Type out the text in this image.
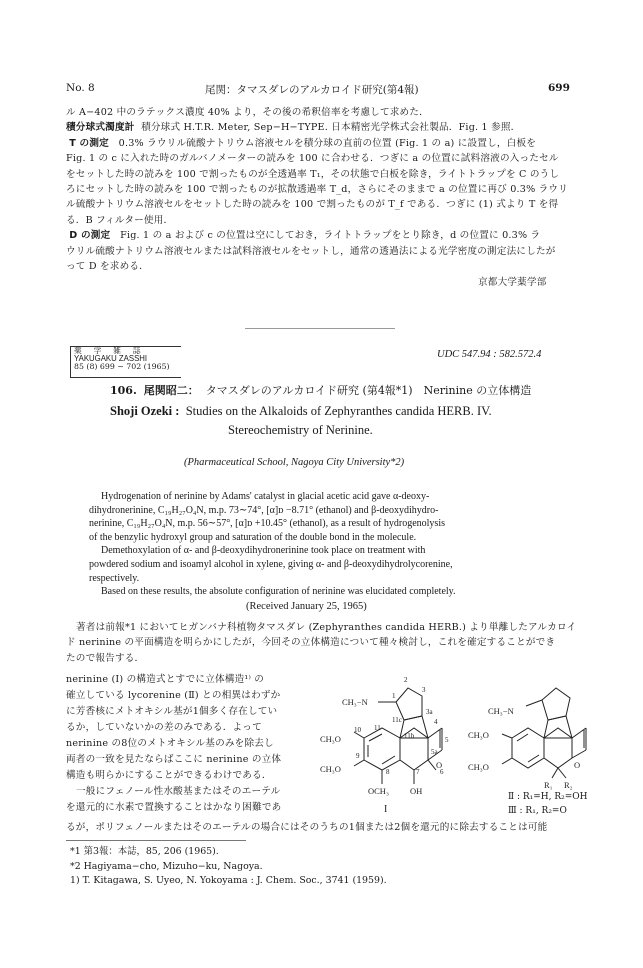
No. 8	尾関：タマスダレのアルカロイド研究(第4報)	699
ル A−402 中のラテックス濃度 40% より，その後の希釈倍率を考慮して求めた．
積分球式濁度計 積分球式 H.T.R. Meter, Sep−H−TYPE. 日本精密光学株式会社製品．Fig. 1 参照．
T の測定 0.3% ラウリル硫酸ナトリウム溶液セルを積分球の直前の位置 (Fig. 1 の a) に設置し，白板を
Fig. 1 の c に入れた時のガルバノメーターの読みを 100 に合わせる．つぎに a の位置に試料溶液の入ったセル
をセットした時の読みを 100 で割ったものが全透過率 T₁，その状態で白板を除き，ライトトラップを C のうし
ろにセットした時の読みを 100 で割ったものが拡散透過率 T_d，さらにそのままで a の位置に再び 0.3% ラウリ
ル硫酸ナトリウム溶液セルをセットした時の読みを 100 で割ったものが T_f である．つぎに (1) 式より T を得
る．B フィルター使用．
D の測定 Fig. 1 の a および c の位置は空にしておき，ライトトラップをとり除き，d の位置に 0.3% ラ
ウリル硫酸ナトリウム溶液セルまたは試料溶液セルをセットし，通常の透過法による光学密度の測定法にしたが
って D を求める．
京都大学薬学部
薬　学　雑　誌
YAKUGAKU ZASSHI
85 (8) 699 ∼ 702 (1965)
UDC 547.94 : 582.572.4
106. 尾関昭二： タマスダレのアルカロイド研究 (第4報*1)　Nerinine の立体構造
Shoji Ozeki : Studies on the Alkaloids of Zephyranthes candida HERB. IV.
Stereochemistry of Nerinine.
(Pharmaceutical School, Nagoya City University*2)
Hydrogenation of nerinine by Adams' catalyst in glacial acetic acid gave α-deoxy-
dihydronerinine, C₁₉H₂₇O₄N, m.p. 73∼74°, [α]ᴅ −8.71° (ethanol) and β-deoxydihydro-
nerinine, C₁₉H₂₇O₄N, m.p. 56∼57°, [α]ᴅ +10.45° (ethanol), as a result of hydrogenolysis
of the benzylic hydroxyl group and saturation of the double bond in the molecule.
Demethoxylation of α- and β-deoxydihydronerinine took place on treatment with
powdered sodium and isoamyl alcohol in xylene, giving α- and β-deoxydihydrolycorenine,
respectively.
Based on these results, the absolute configuration of nerinine was elucidated completely.
(Received January 25, 1965)
著者は前報*1 においてヒガンバナ科植物タマスダレ (Zephyranthes candida HERB.) より単離したアルカロイ
ド nerinine の平面構造を明らかにしたが，今回その立体構造について種々検討し，これを確定することができ
たので報告する．
nerinine (Ⅰ) の構造式とすでに立体構造¹⁾ の
確立している lycorenine (Ⅱ) との相異はわずか
に芳香核にメトオキシル基が1個多く存在してい
るか，していないかの差のみである．よって
nerinine の8位のメトオキシル基のみを除去し
両者の一致を見たならばここに nerinine の立体
構造も明らかにすることができるわけである．
一般にフェノール性水酸基またはそのエーテル
を還元的に水素で置換することはかなり困難であ
るが，ポリフェノールまたはそのエーテルの場合にはそのうちの1個または2個を還元的に除去することは可能
2
3
3a
4
11c
11b	5
5a
6
7
8
9
10 11
1
CH₃−N
CH₃O
CH₃O
OCH₃ OH
O
I
CH₃−N
CH₃O
CH₃O	O
R₁ R₂
Ⅱ : R₁=H, R₂=OH
Ⅲ : R₁, R₂=O
*1 第3報：本誌，85, 206 (1965).
*2 Hagiyama−cho, Mizuho−ku, Nagoya.
1) T. Kitagawa, S. Uyeo, N. Yokoyama : J. Chem. Soc., 3741 (1959).
